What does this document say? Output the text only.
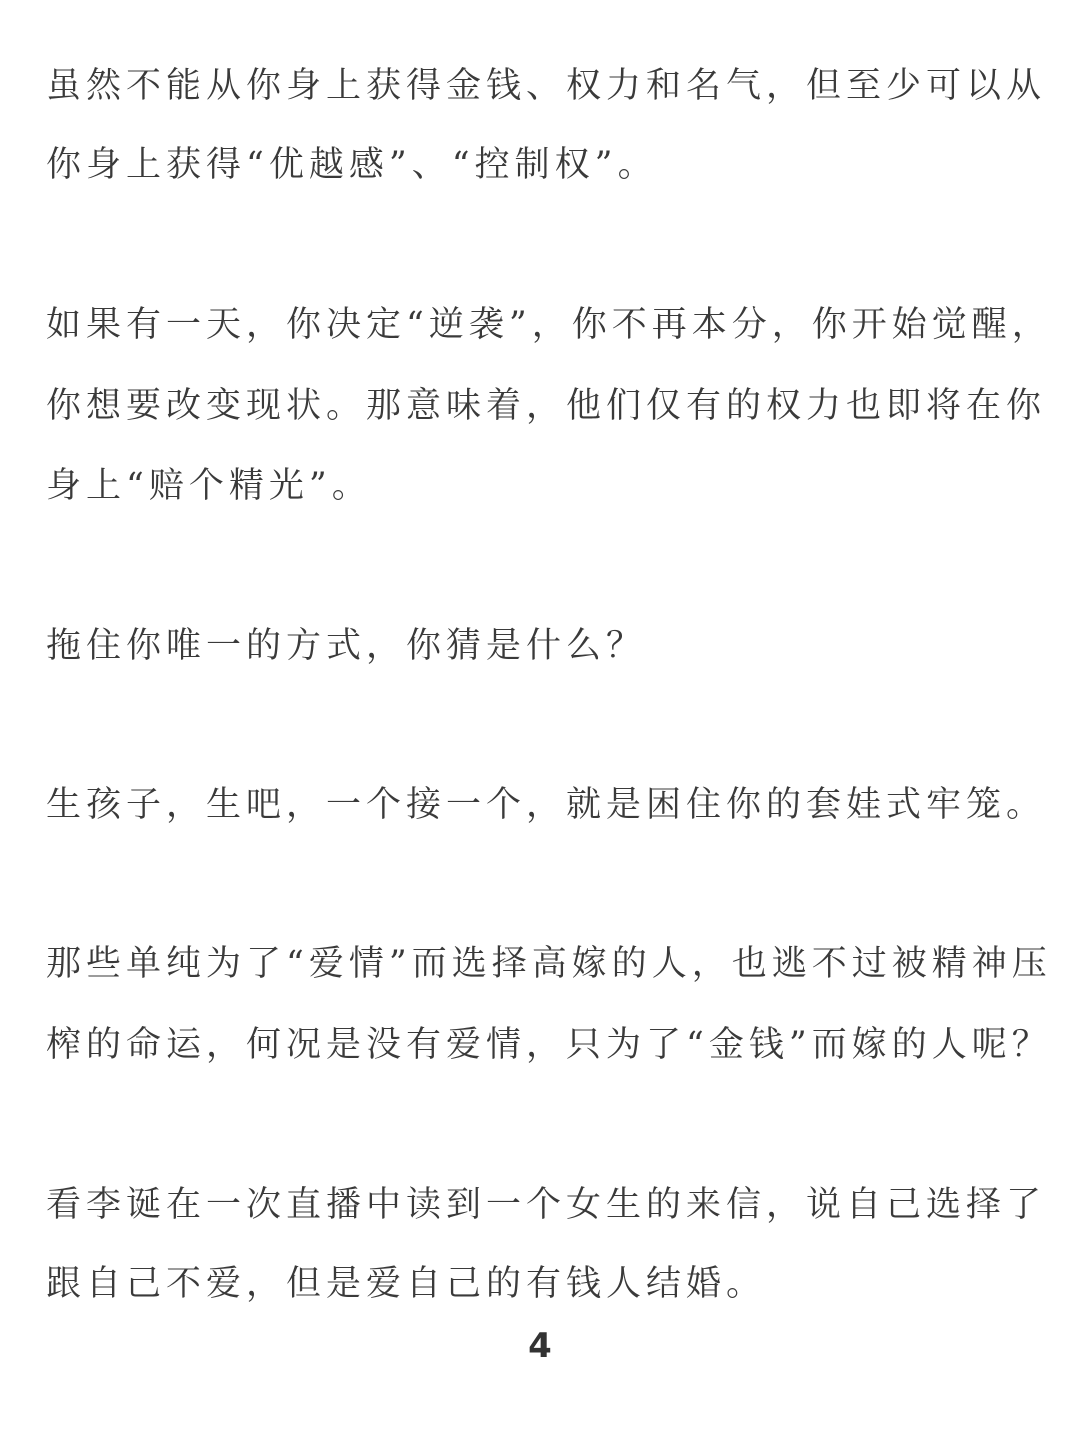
虽然不能从你身上获得金钱、权力和名气，但至少可以从
你身上获得“优越感”、“控制权”。
如果有一天，你决定“逆袭”，你不再本分，你开始觉醒，
你想要改变现状。那意味着，他们仅有的权力也即将在你
身上“赔个精光”。
拖住你唯一的方式，你猜是什么？
生孩子，生吧，一个接一个，就是困住你的套娃式牢笼。
那些单纯为了“爱情”而选择高嫁的人，也逃不过被精神压
榨的命运，何况是没有爱情，只为了“金钱”而嫁的人呢？
看李诞在一次直播中读到一个女生的来信，说自己选择了
跟自己不爱，但是爱自己的有钱人结婚。
4
